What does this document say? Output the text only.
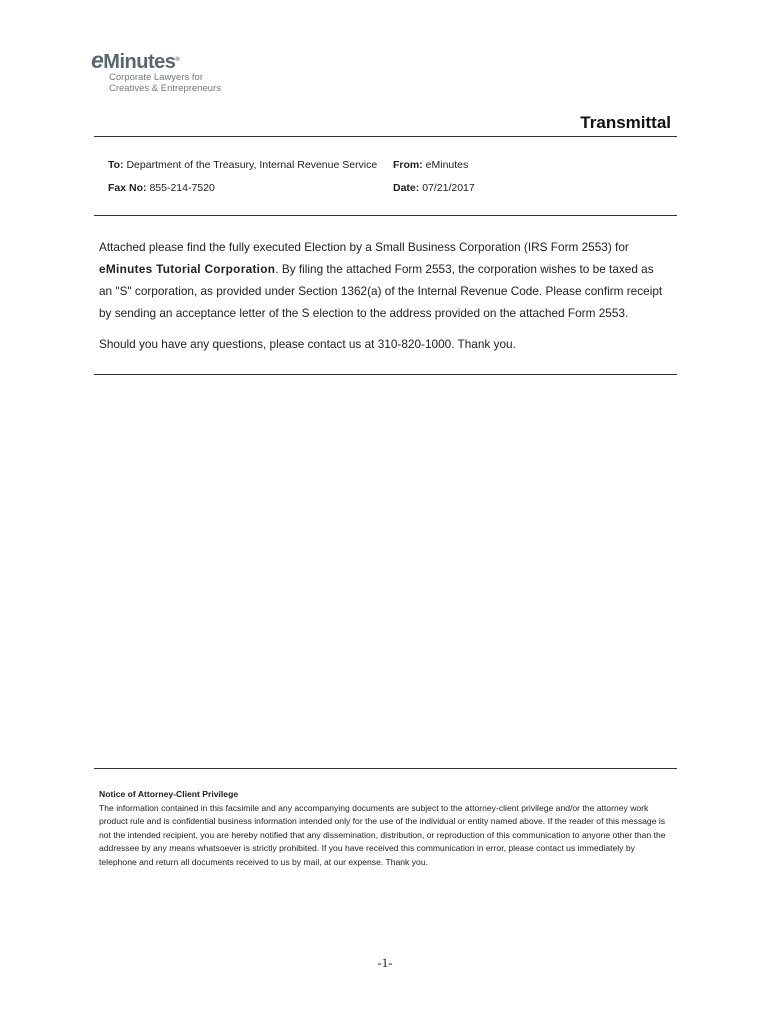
eMinutes®
Corporate Lawyers for
Creatives & Entrepreneurs
Transmittal
To: Department of the Treasury, Internal Revenue Service From: eMinutes
Fax No: 855-214-7520	Date: 07/21/2017
Attached please find the fully executed Election by a Small Business Corporation (IRS Form 2553) for eMinutes Tutorial Corporation. By filing the attached Form 2553, the corporation wishes to be taxed as an "S" corporation, as provided under Section 1362(a) of the Internal Revenue Code. Please confirm receipt by sending an acceptance letter of the S election to the address provided on the attached Form 2553.
Should you have any questions, please contact us at 310-820-1000. Thank you.
Notice of Attorney-Client Privilege
The information contained in this facsimile and any accompanying documents are subject to the attorney-client privilege and/or the attorney work product rule and is confidential business information intended only for the use of the individual or entity named above. If the reader of this message is not the intended recipient, you are hereby notified that any dissemination, distribution, or reproduction of this communication to anyone other than the addressee by any means whatsoever is strictly prohibited. If you have received this communication in error, please contact us immediately by telephone and return all documents received to us by mail, at our expense. Thank you.
-1-
